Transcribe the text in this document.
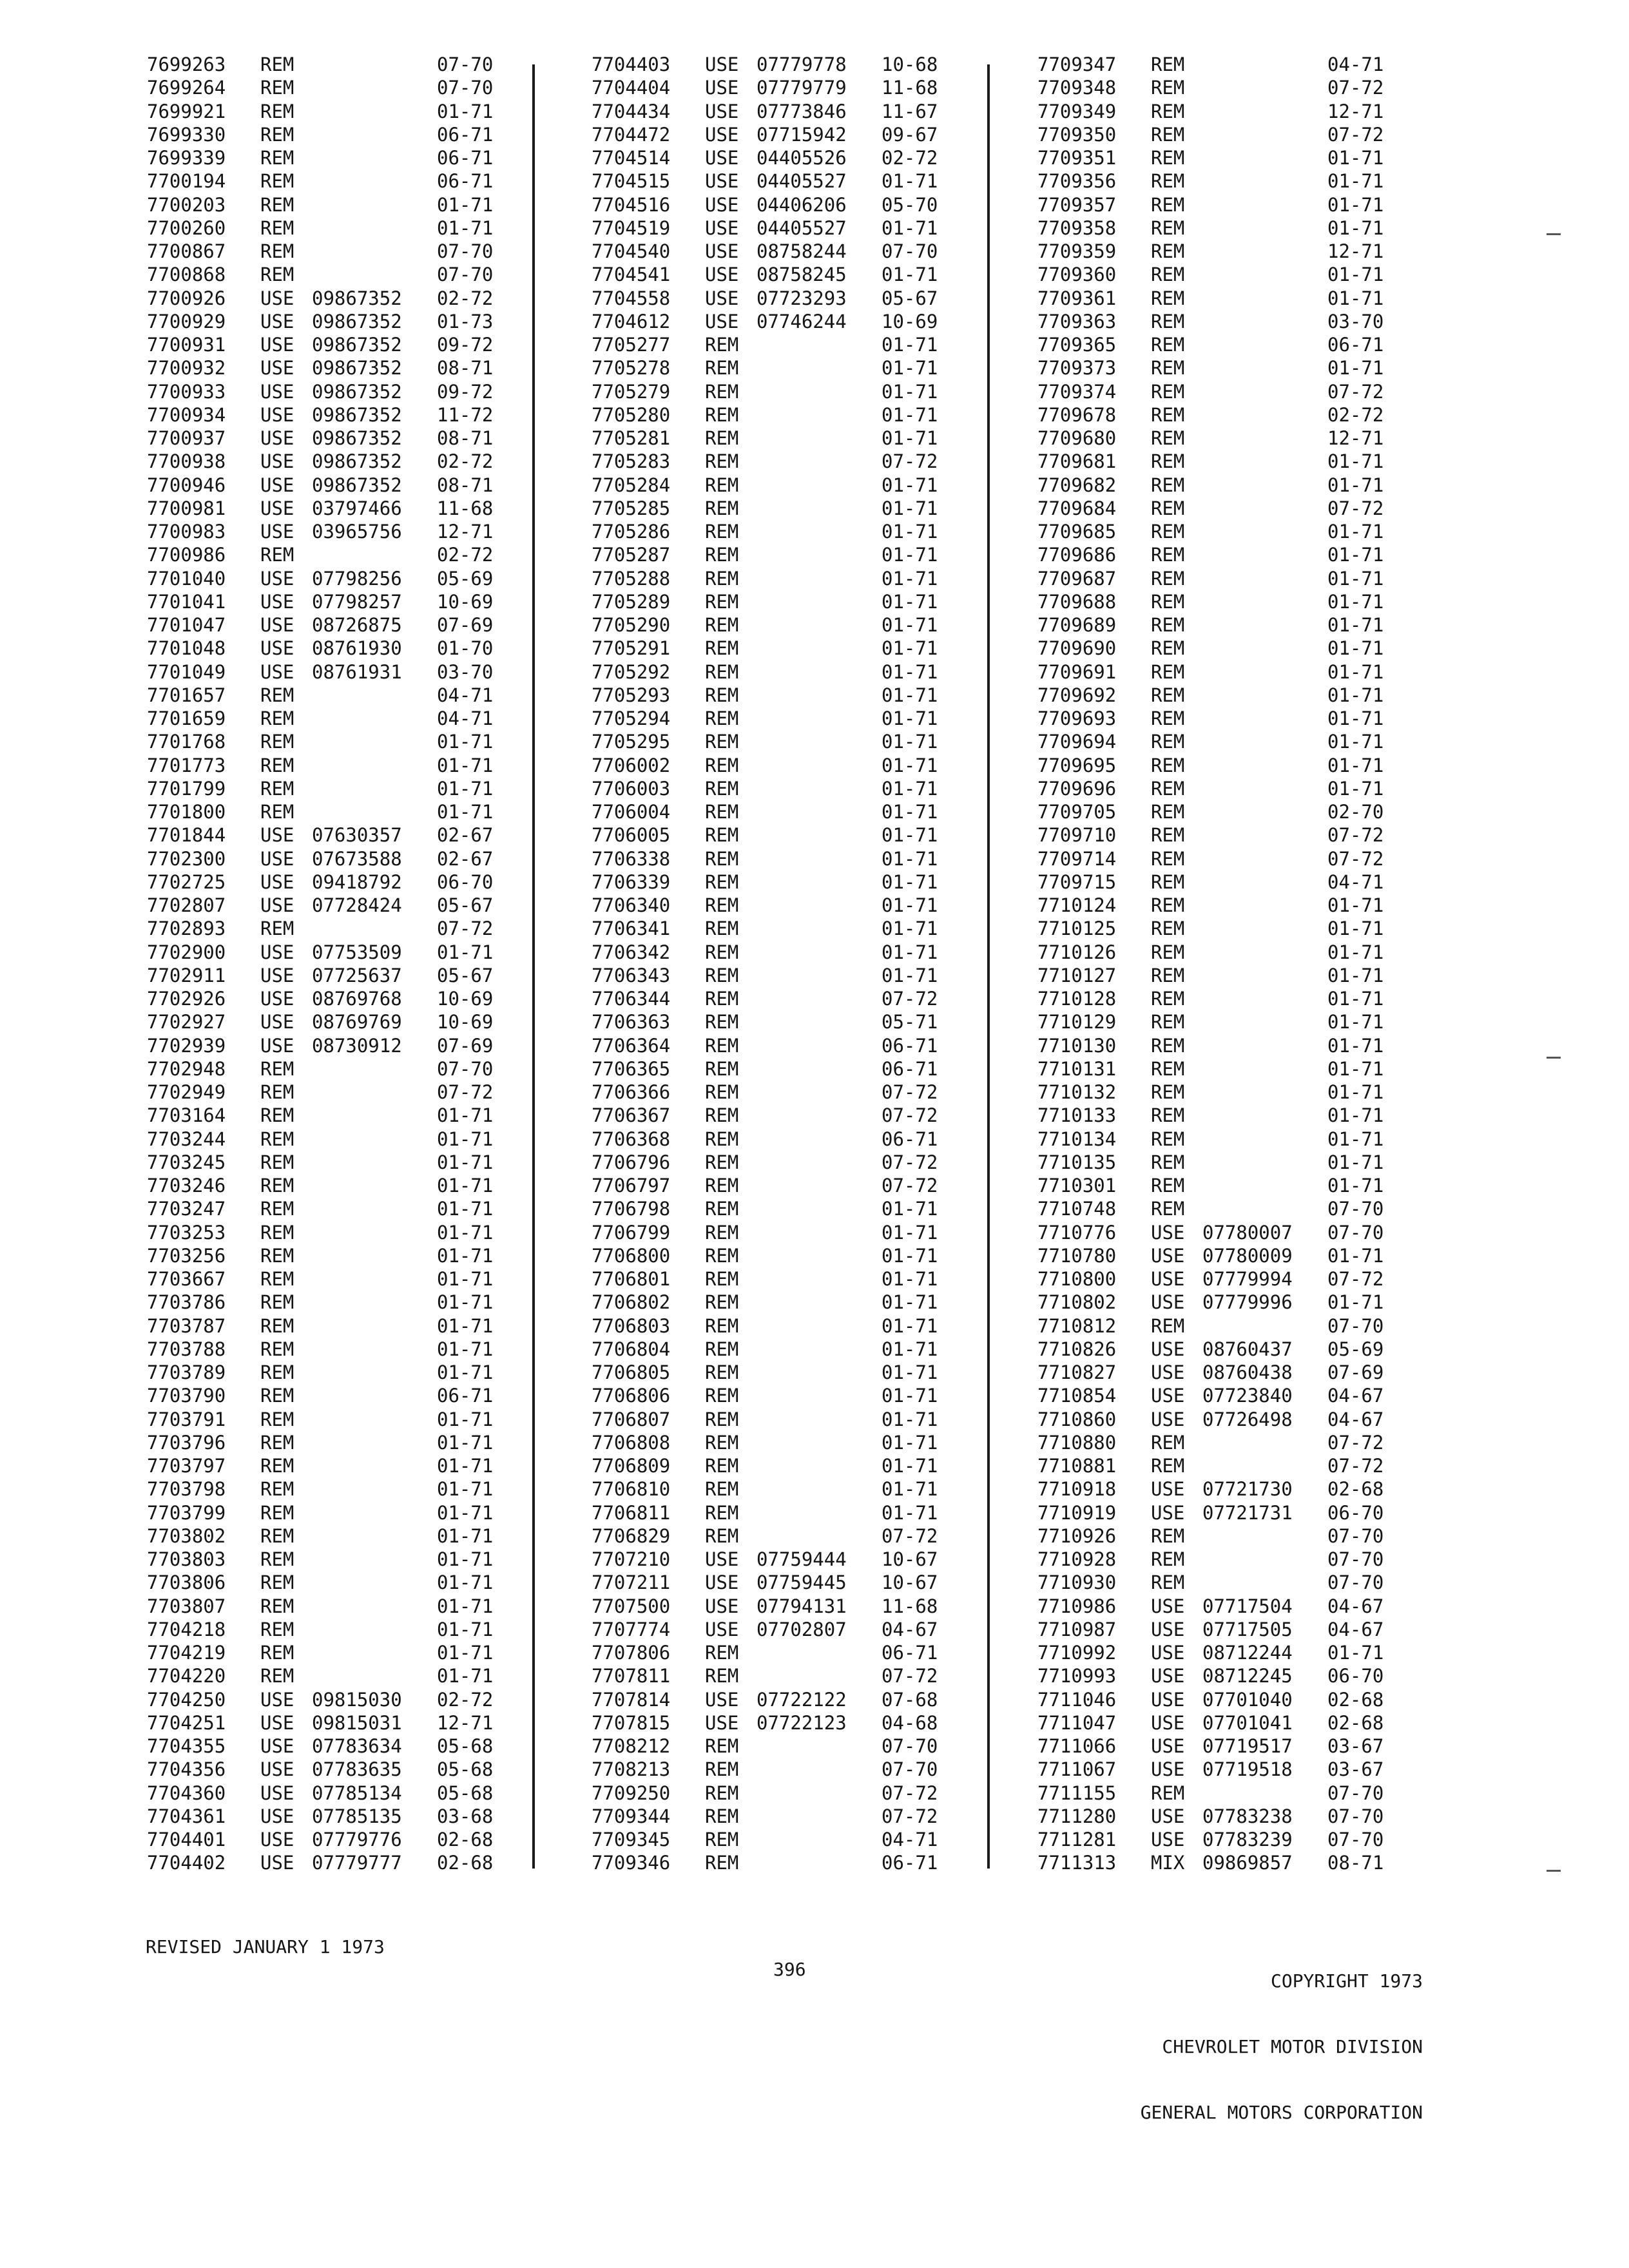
7699263 REM	07-70
7699264 REM	07-70
7699921 REM	01-71
7699330 REM	06-71
7699339 REM	06-71
7700194 REM	06-71
7700203 REM	01-71
7700260 REM	01-71
7700867 REM	07-70
7700868 REM	07-70
7700926 USE 09867352 02-72
7700929 USE 09867352 01-73
7700931 USE 09867352 09-72
7700932 USE 09867352 08-71
7700933 USE 09867352 09-72
7700934 USE 09867352 11-72
7700937 USE 09867352 08-71
7700938 USE 09867352 02-72
7700946 USE 09867352 08-71
7700981 USE 03797466 11-68
7700983 USE 03965756 12-71
7700986 REM	02-72
7701040 USE 07798256 05-69
7701041 USE 07798257 10-69
7701047 USE 08726875 07-69
7701048 USE 08761930 01-70
7701049 USE 08761931 03-70
7701657 REM	04-71
7701659 REM	04-71
7701768 REM	01-71
7701773 REM	01-71
7701799 REM	01-71
7701800 REM	01-71
7701844 USE 07630357 02-67
7702300 USE 07673588 02-67
7702725 USE 09418792 06-70
7702807 USE 07728424 05-67
7702893 REM	07-72
7702900 USE 07753509 01-71
7702911 USE 07725637 05-67
7702926 USE 08769768 10-69
7702927 USE 08769769 10-69
7702939 USE 08730912 07-69
7702948 REM	07-70
7702949 REM	07-72
7703164 REM	01-71
7703244 REM	01-71
7703245 REM	01-71
7703246 REM	01-71
7703247 REM	01-71
7703253 REM	01-71
7703256 REM	01-71
7703667 REM	01-71
7703786 REM	01-71
7703787 REM	01-71
7703788 REM	01-71
7703789 REM	01-71
7703790 REM	06-71
7703791 REM	01-71
7703796 REM	01-71
7703797 REM	01-71
7703798 REM	01-71
7703799 REM	01-71
7703802 REM	01-71
7703803 REM	01-71
7703806 REM	01-71
7703807 REM	01-71
7704218 REM	01-71
7704219 REM	01-71
7704220 REM	01-71
7704250 USE 09815030 02-72
7704251 USE 09815031 12-71
7704355 USE 07783634 05-68
7704356 USE 07783635 05-68
7704360 USE 07785134 05-68
7704361 USE 07785135 03-68
7704401 USE 07779776 02-68
7704402 USE 07779777 02-68
7704403 USE 07779778 10-68
7704404 USE 07779779 11-68
7704434 USE 07773846 11-67
7704472 USE 07715942 09-67
7704514 USE 04405526 02-72
7704515 USE 04405527 01-71
7704516 USE 04406206 05-70
7704519 USE 04405527 01-71
7704540 USE 08758244 07-70
7704541 USE 08758245 01-71
7704558 USE 07723293 05-67
7704612 USE 07746244 10-69
7705277 REM	01-71
7705278 REM	01-71
7705279 REM	01-71
7705280 REM	01-71
7705281 REM	01-71
7705283 REM	07-72
7705284 REM	01-71
7705285 REM	01-71
7705286 REM	01-71
7705287 REM	01-71
7705288 REM	01-71
7705289 REM	01-71
7705290 REM	01-71
7705291 REM	01-71
7705292 REM	01-71
7705293 REM	01-71
7705294 REM	01-71
7705295 REM	01-71
7706002 REM	01-71
7706003 REM	01-71
7706004 REM	01-71
7706005 REM	01-71
7706338 REM	01-71
7706339 REM	01-71
7706340 REM	01-71
7706341 REM	01-71
7706342 REM	01-71
7706343 REM	01-71
7706344 REM	07-72
7706363 REM	05-71
7706364 REM	06-71
7706365 REM	06-71
7706366 REM	07-72
7706367 REM	07-72
7706368 REM	06-71
7706796 REM	07-72
7706797 REM	07-72
7706798 REM	01-71
7706799 REM	01-71
7706800 REM	01-71
7706801 REM	01-71
7706802 REM	01-71
7706803 REM	01-71
7706804 REM	01-71
7706805 REM	01-71
7706806 REM	01-71
7706807 REM	01-71
7706808 REM	01-71
7706809 REM	01-71
7706810 REM	01-71
7706811 REM	01-71
7706829 REM	07-72
7707210 USE 07759444 10-67
7707211 USE 07759445 10-67
7707500 USE 07794131 11-68
7707774 USE 07702807 04-67
7707806 REM	06-71
7707811 REM	07-72
7707814 USE 07722122 07-68
7707815 USE 07722123 04-68
7708212 REM	07-70
7708213 REM	07-70
7709250 REM	07-72
7709344 REM	07-72
7709345 REM	04-71
7709346 REM	06-71
7709347 REM	04-71
7709348 REM	07-72
7709349 REM	12-71
7709350 REM	07-72
7709351 REM	01-71
7709356 REM	01-71
7709357 REM	01-71
7709358 REM	01-71
7709359 REM	12-71
7709360 REM	01-71
7709361 REM	01-71
7709363 REM	03-70
7709365 REM	06-71
7709373 REM	01-71
7709374 REM	07-72
7709678 REM	02-72
7709680 REM	12-71
7709681 REM	01-71
7709682 REM	01-71
7709684 REM	07-72
7709685 REM	01-71
7709686 REM	01-71
7709687 REM	01-71
7709688 REM	01-71
7709689 REM	01-71
7709690 REM	01-71
7709691 REM	01-71
7709692 REM	01-71
7709693 REM	01-71
7709694 REM	01-71
7709695 REM	01-71
7709696 REM	01-71
7709705 REM	02-70
7709710 REM	07-72
7709714 REM	07-72
7709715 REM	04-71
7710124 REM	01-71
7710125 REM	01-71
7710126 REM	01-71
7710127 REM	01-71
7710128 REM	01-71
7710129 REM	01-71
7710130 REM	01-71
7710131 REM	01-71
7710132 REM	01-71
7710133 REM	01-71
7710134 REM	01-71
7710135 REM	01-71
7710301 REM	01-71
7710748 REM	07-70
7710776 USE 07780007 07-70
7710780 USE 07780009 01-71
7710800 USE 07779994 07-72
7710802 USE 07779996 01-71
7710812 REM	07-70
7710826 USE 08760437 05-69
7710827 USE 08760438 07-69
7710854 USE 07723840 04-67
7710860 USE 07726498 04-67
7710880 REM	07-72
7710881 REM	07-72
7710918 USE 07721730 02-68
7710919 USE 07721731 06-70
7710926 REM	07-70
7710928 REM	07-70
7710930 REM	07-70
7710986 USE 07717504 04-67
7710987 USE 07717505 04-67
7710992 USE 08712244 01-71
7710993 USE 08712245 06-70
7711046 USE 07701040 02-68
7711047 USE 07701041 02-68
7711066 USE 07719517 03-67
7711067 USE 07719518 03-67
7711155 REM	07-70
7711280 USE 07783238 07-70
7711281 USE 07783239 07-70
7711313 MIX 09869857 08-71
REVISED JANUARY 1 1973
396

COPYRIGHT 1973

CHEVROLET MOTOR DIVISION

GENERAL MOTORS CORPORATION
